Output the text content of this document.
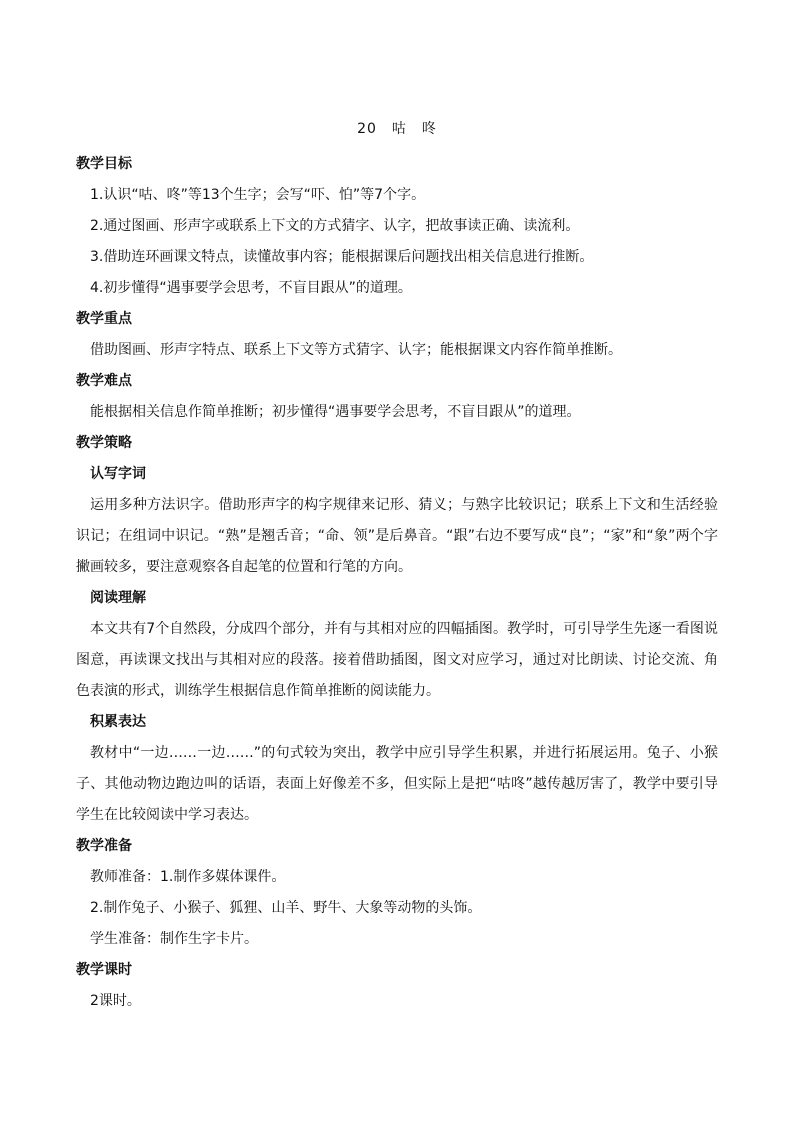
20　咕　咚
教学目标
1.认识“咕、咚”等13个生字；会写“吓、怕”等7个字。
2.通过图画、形声字或联系上下文的方式猜字、认字，把故事读正确、读流利。
3.借助连环画课文特点，读懂故事内容；能根据课后问题找出相关信息进行推断。
4.初步懂得“遇事要学会思考，不盲目跟从”的道理。
教学重点
借助图画、形声字特点、联系上下文等方式猜字、认字；能根据课文内容作简单推断。
教学难点
能根据相关信息作简单推断；初步懂得“遇事要学会思考，不盲目跟从”的道理。
教学策略
认写字词
运用多种方法识字。借助形声字的构字规律来记形、猜义；与熟字比较识记；联系上下文和生活经验识记；在组词中识记。“熟”是翘舌音；“命、领”是后鼻音。“跟”右边不要写成“良”；“家”和“象”两个字撇画较多，要注意观察各自起笔的位置和行笔的方向。
阅读理解
本文共有7个自然段，分成四个部分，并有与其相对应的四幅插图。教学时，可引导学生先逐一看图说图意，再读课文找出与其相对应的段落。接着借助插图，图文对应学习，通过对比朗读、讨论交流、角色表演的形式，训练学生根据信息作简单推断的阅读能力。
积累表达
教材中“一边……一边……”的句式较为突出，教学中应引导学生积累，并进行拓展运用。兔子、小猴子、其他动物边跑边叫的话语，表面上好像差不多，但实际上是把“咕咚”越传越厉害了，教学中要引导学生在比较阅读中学习表达。
教学准备
教师准备：1.制作多媒体课件。
2.制作兔子、小猴子、狐狸、山羊、野牛、大象等动物的头饰。
学生准备：制作生字卡片。
教学课时
2课时。
